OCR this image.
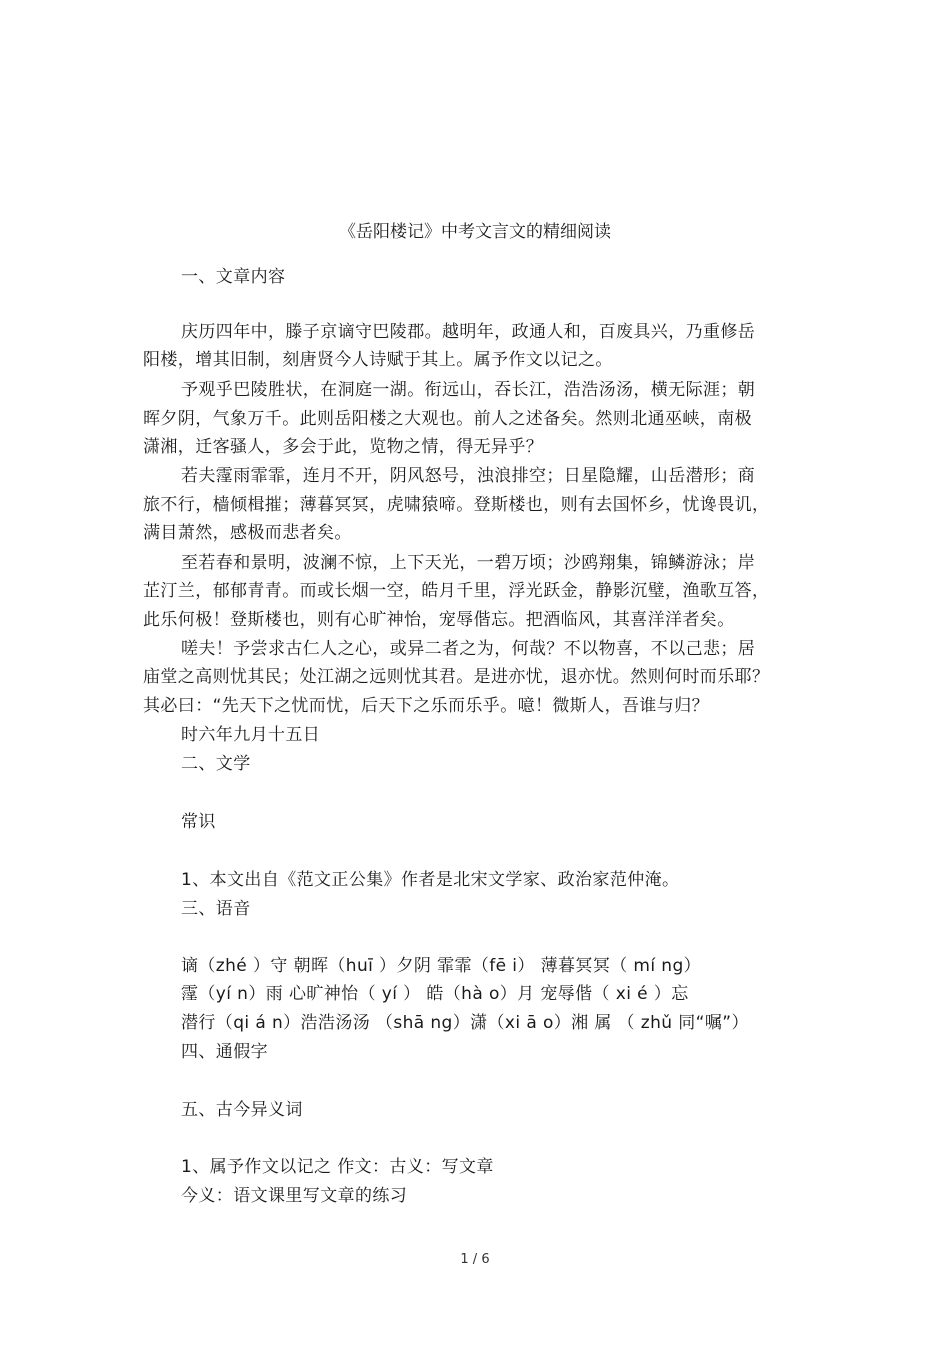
《岳阳楼记》中考文言文的精细阅读
一、文章内容
庆历四年中，滕子京谪守巴陵郡。越明年，政通人和，百废具兴，乃重修岳
阳楼，增其旧制，刻唐贤今人诗赋于其上。属予作文以记之。
予观乎巴陵胜状，在洞庭一湖。衔远山，吞长江，浩浩汤汤，横无际涯；朝
晖夕阴，气象万千。此则岳阳楼之大观也。前人之述备矣。然则北通巫峡，南极
潇湘，迁客骚人，多会于此，览物之情，得无异乎？
若夫霪雨霏霏，连月不开，阴风怒号，浊浪排空；日星隐耀，山岳潜形；商
旅不行，樯倾楫摧；薄暮冥冥，虎啸猿啼。登斯楼也，则有去国怀乡，忧谗畏讥，
满目萧然，感极而悲者矣。
至若春和景明，波澜不惊，上下天光，一碧万顷；沙鸥翔集，锦鳞游泳；岸
芷汀兰，郁郁青青。而或长烟一空，皓月千里，浮光跃金，静影沉璧，渔歌互答，
此乐何极！登斯楼也，则有心旷神怡，宠辱偕忘。把酒临风，其喜洋洋者矣。
嗟夫！予尝求古仁人之心，或异二者之为，何哉？不以物喜，不以己悲；居
庙堂之高则忧其民；处江湖之远则忧其君。是进亦忧，退亦忧。然则何时而乐耶？
其必曰：“先天下之忧而忧，后天下之乐而乐乎。噫！微斯人，吾谁与归？
时六年九月十五日
二、文学
常识
1、本文出自《范文正公集》作者是北宋文学家、政治家范仲淹。
三、语音
谪（zhé ）守 朝晖（huī ）夕阴 霏霏（fē i） 薄暮冥冥（ mí ng）
霪（yí n）雨 心旷神怡（ yí ） 皓（hà o）月 宠辱偕（ xi é ）忘
潜行（qi á n）浩浩汤汤 （shā ng）潇（xi ā o）湘 属 （ zhǔ 同“嘱”）
四、通假字
五、古今异义词
1、属予作文以记之 作文：古义：写文章
今义：语文课里写文章的练习
1 / 6
